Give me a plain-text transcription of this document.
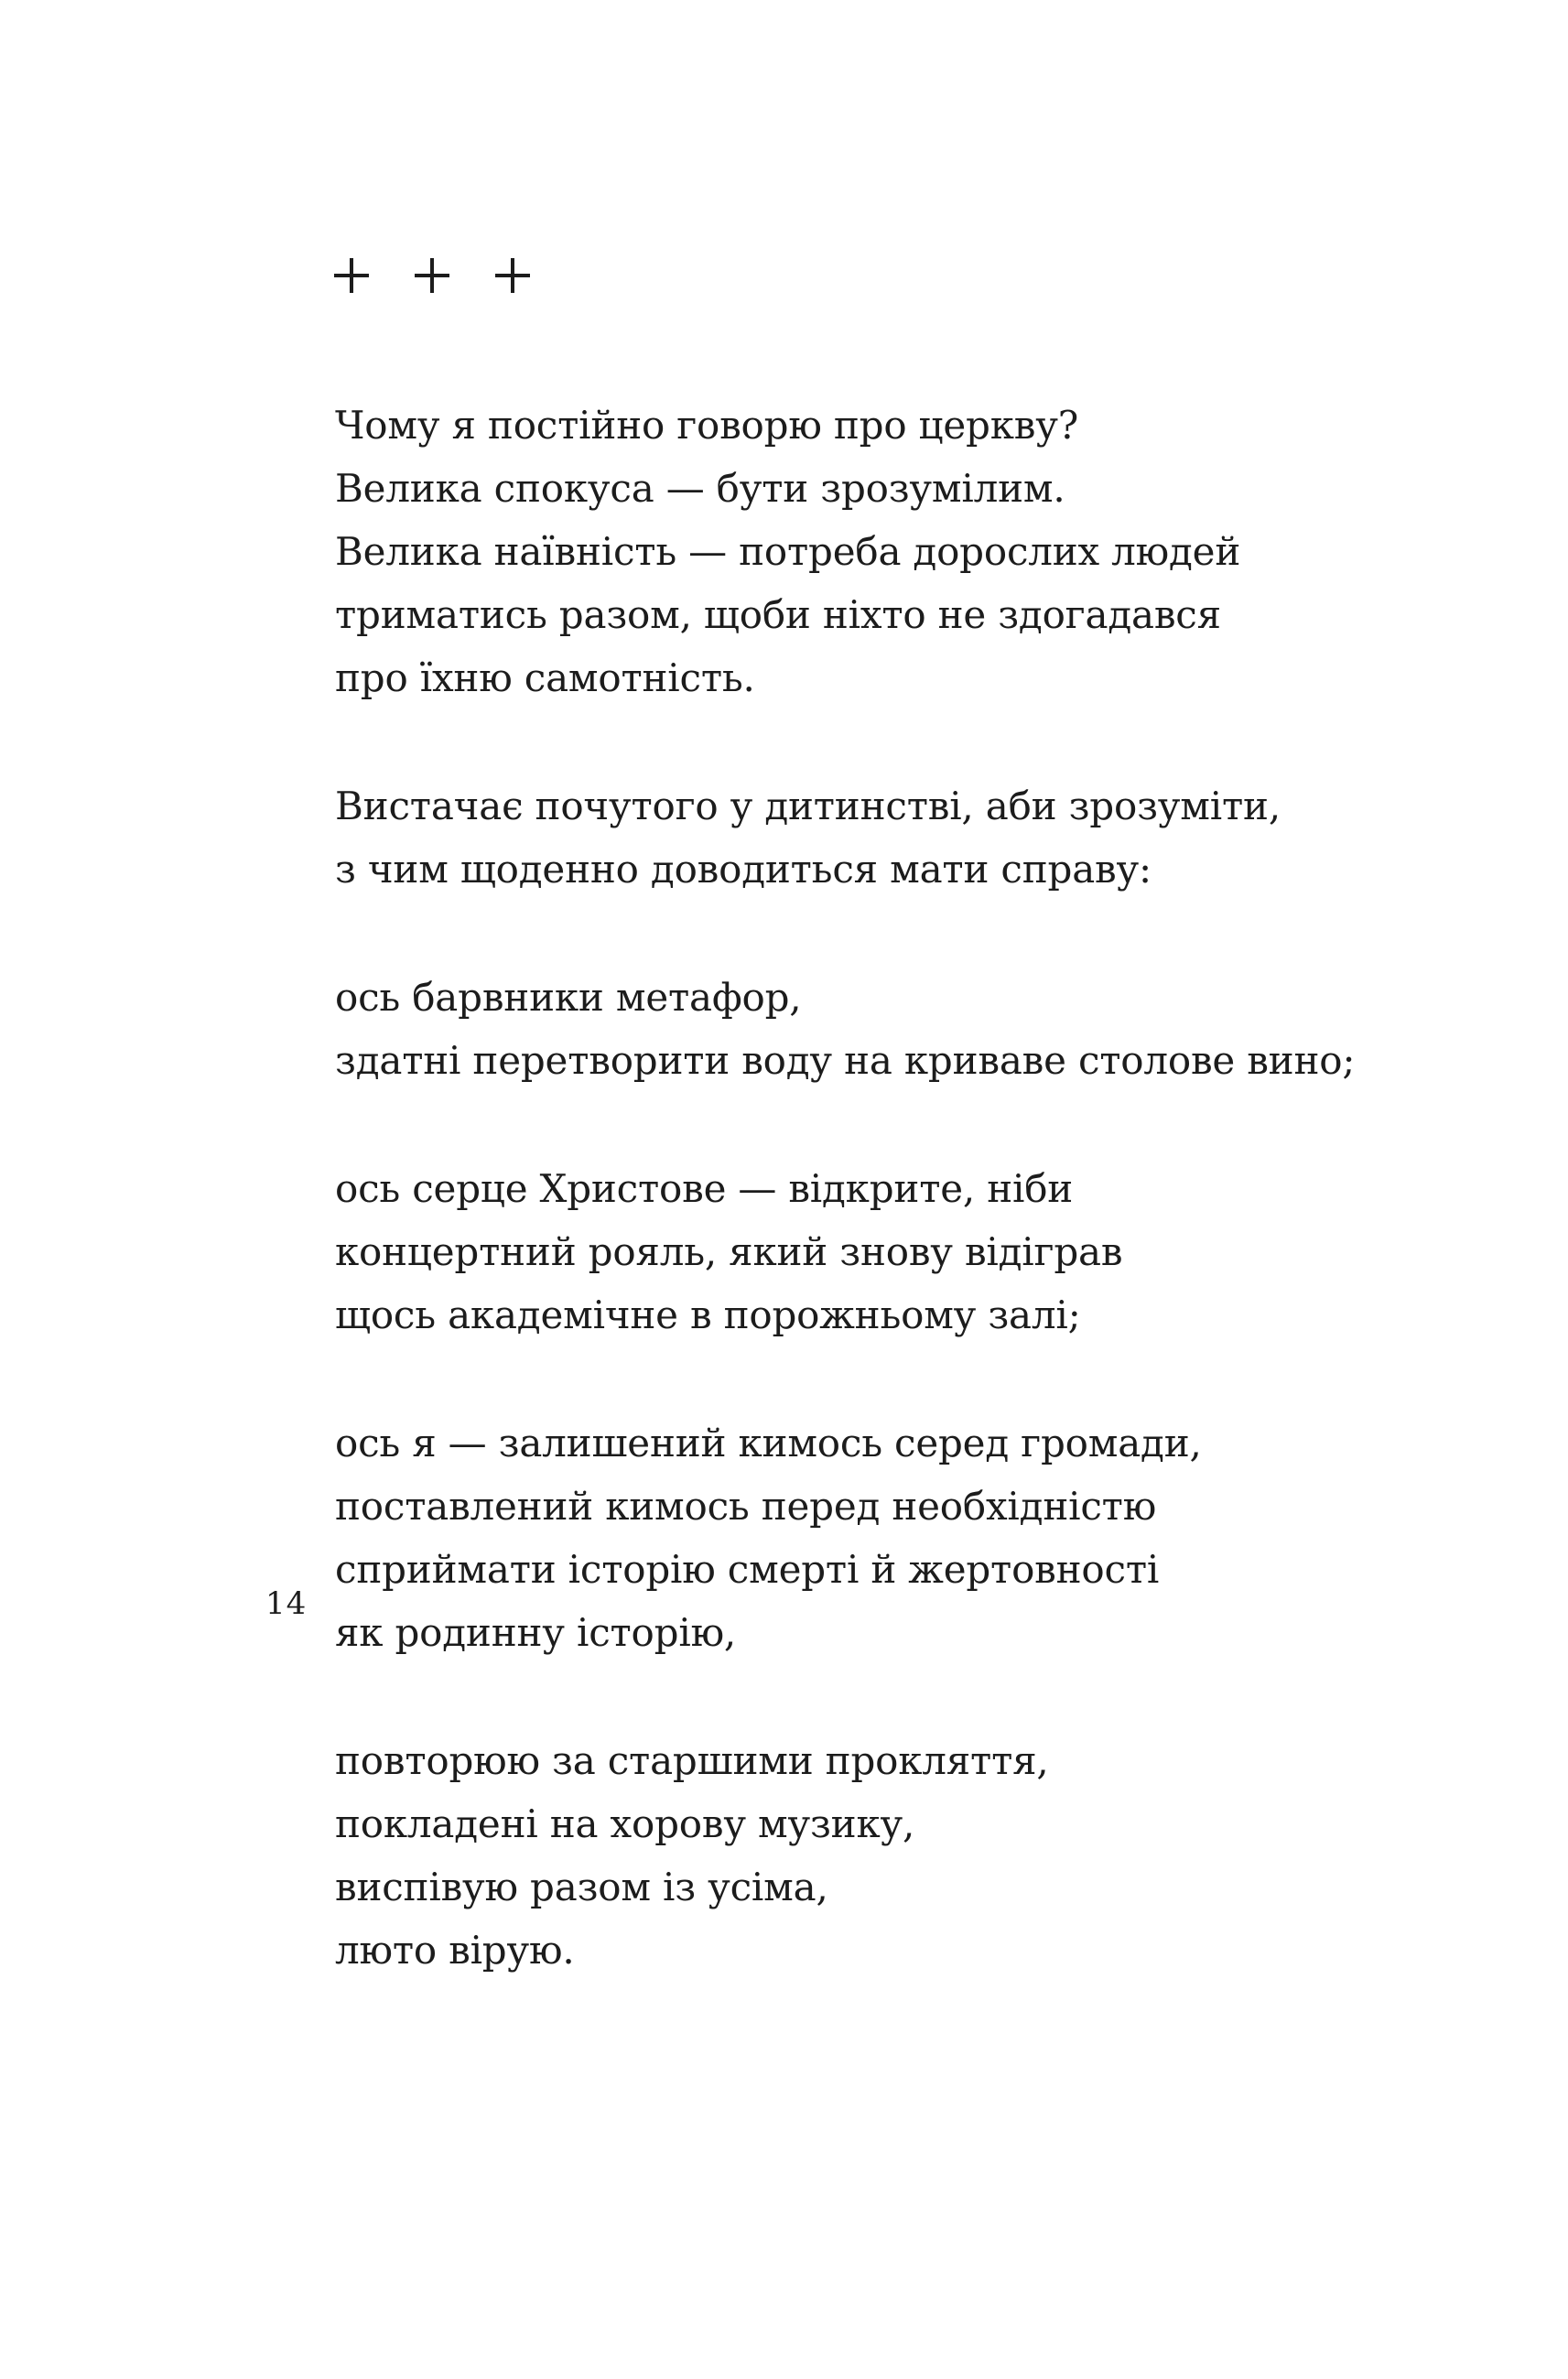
Чому я постійно говорю про церкву?
Велика спокуса — бути зрозумілим.
Велика наївність — потреба дорослих людей
триматись разом, щоби ніхто не здогадався
про їхню самотність.
Вистачає почутого у дитинстві, аби зрозуміти,
з чим щоденно доводиться мати справу:
ось барвники метафор,
здатні перетворити воду на криваве столове вино;
ось серце Христове — відкрите, ніби
концертний рояль, який знову відіграв
щось академічне в порожньому залі;
ось я — залишений кимось серед громади,
поставлений кимось перед необхідністю
сприймати історію смерті й жертовності
як родинну історію,
повторюю за старшими прокляття,
покладені на хорову музику,
виспівую разом із усіма,
люто вірую.
14
